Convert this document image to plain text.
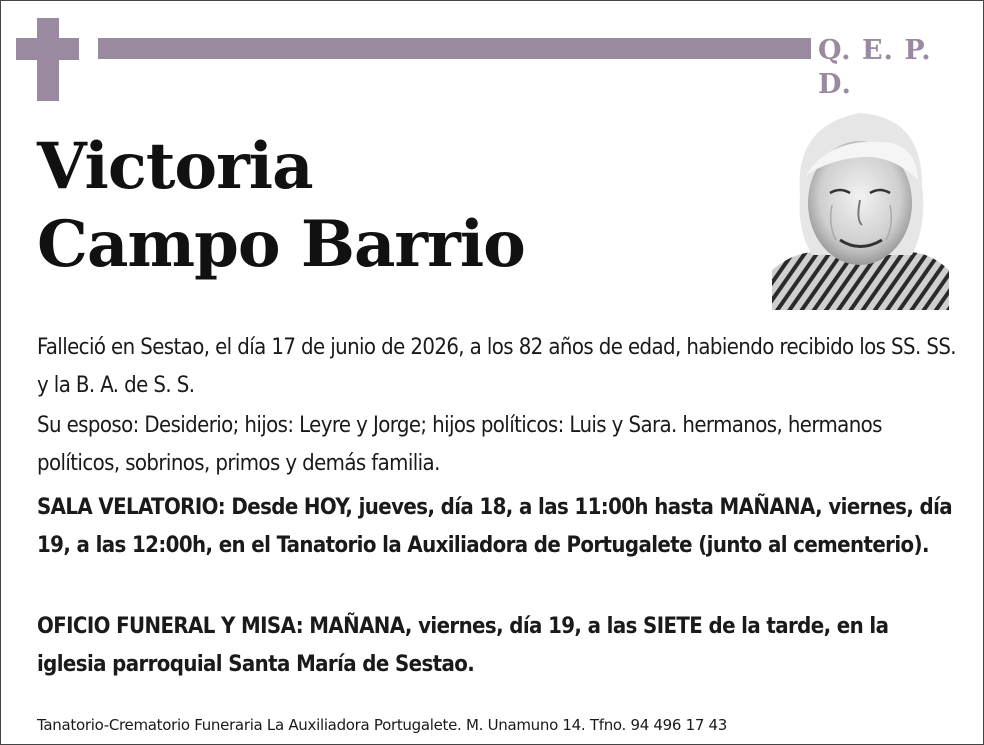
Q. E. P. D.
Victoria
Campo Barrio
Falleció en Sestao, el día 17 de junio de 2026, a los 82 años de edad, habiendo recibido los SS. SS. y la B. A. de S. S.
Su esposo: Desiderio; hijos: Leyre y Jorge; hijos políticos: Luis y Sara. hermanos, hermanos políticos, sobrinos, primos y demás familia.
SALA VELATORIO: Desde HOY, jueves, día 18, a las 11:00h hasta MAÑANA, viernes, día 19, a las 12:00h, en el Tanatorio la Auxiliadora de Portugalete (junto al cementerio).
OFICIO FUNERAL Y MISA: MAÑANA, viernes, día 19, a las SIETE de la tarde, en la iglesia parroquial Santa María de Sestao.
Tanatorio-Crematorio Funeraria La Auxiliadora Portugalete. M. Unamuno 14. Tfno. 94 496 17 43
